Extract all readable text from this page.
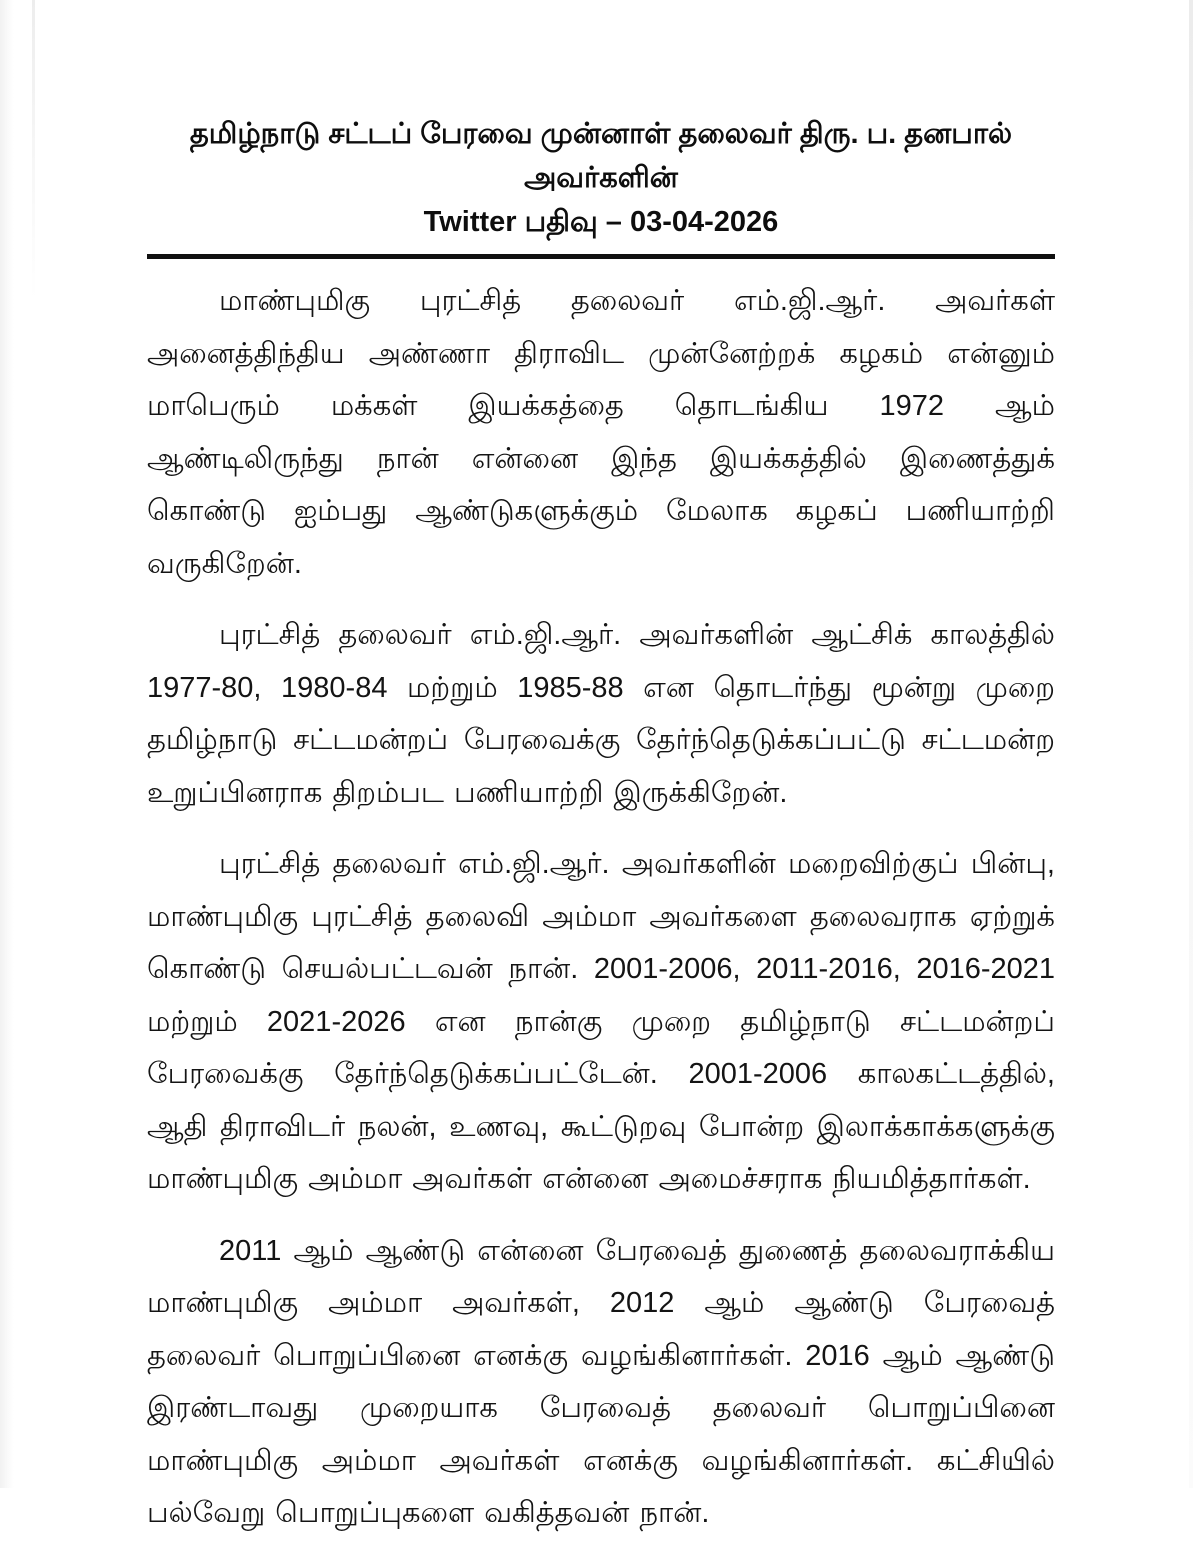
தமிழ்நாடு சட்டப் பேரவை முன்னாள் தலைவர் திரு. ப. தனபால் அவர்களின்
Twitter பதிவு – 03-04-2026

மாண்புமிகு புரட்சித் தலைவர் எம்.ஜி.ஆர். அவர்கள் அனைத்திந்திய அண்ணா திராவிட முன்னேற்றக் கழகம் என்னும் மாபெரும் மக்கள் இயக்கத்தை தொடங்கிய 1972 ஆம் ஆண்டிலிருந்து நான் என்னை இந்த இயக்கத்தில் இணைத்துக் கொண்டு ஐம்பது ஆண்டுகளுக்கும் மேலாக கழகப் பணியாற்றி வருகிறேன்.

புரட்சித் தலைவர் எம்.ஜி.ஆர். அவர்களின் ஆட்சிக் காலத்தில் 1977-80, 1980-84 மற்றும் 1985-88 என தொடர்ந்து மூன்று முறை தமிழ்நாடு சட்டமன்றப் பேரவைக்கு தேர்ந்தெடுக்கப்பட்டு சட்டமன்ற உறுப்பினராக திறம்பட பணியாற்றி இருக்கிறேன்.

புரட்சித் தலைவர் எம்.ஜி.ஆர். அவர்களின் மறைவிற்குப் பின்பு, மாண்புமிகு புரட்சித் தலைவி அம்மா அவர்களை தலைவராக ஏற்றுக் கொண்டு செயல்பட்டவன் நான். 2001-2006, 2011-2016, 2016-2021 மற்றும் 2021-2026 என நான்கு முறை தமிழ்நாடு சட்டமன்றப் பேரவைக்கு தேர்ந்தெடுக்கப்பட்டேன். 2001-2006 காலகட்டத்தில், ஆதி திராவிடர் நலன், உணவு, கூட்டுறவு போன்ற இலாக்காக்களுக்கு மாண்புமிகு அம்மா அவர்கள் என்னை அமைச்சராக நியமித்தார்கள்.

2011 ஆம் ஆண்டு என்னை பேரவைத் துணைத் தலைவராக்கிய மாண்புமிகு அம்மா அவர்கள், 2012 ஆம் ஆண்டு பேரவைத் தலைவர் பொறுப்பினை எனக்கு வழங்கினார்கள். 2016 ஆம் ஆண்டு இரண்டாவது முறையாக பேரவைத் தலைவர் பொறுப்பினை மாண்புமிகு அம்மா அவர்கள் எனக்கு வழங்கினார்கள். கட்சியில் பல்வேறு பொறுப்புகளை வகித்தவன் நான்.
